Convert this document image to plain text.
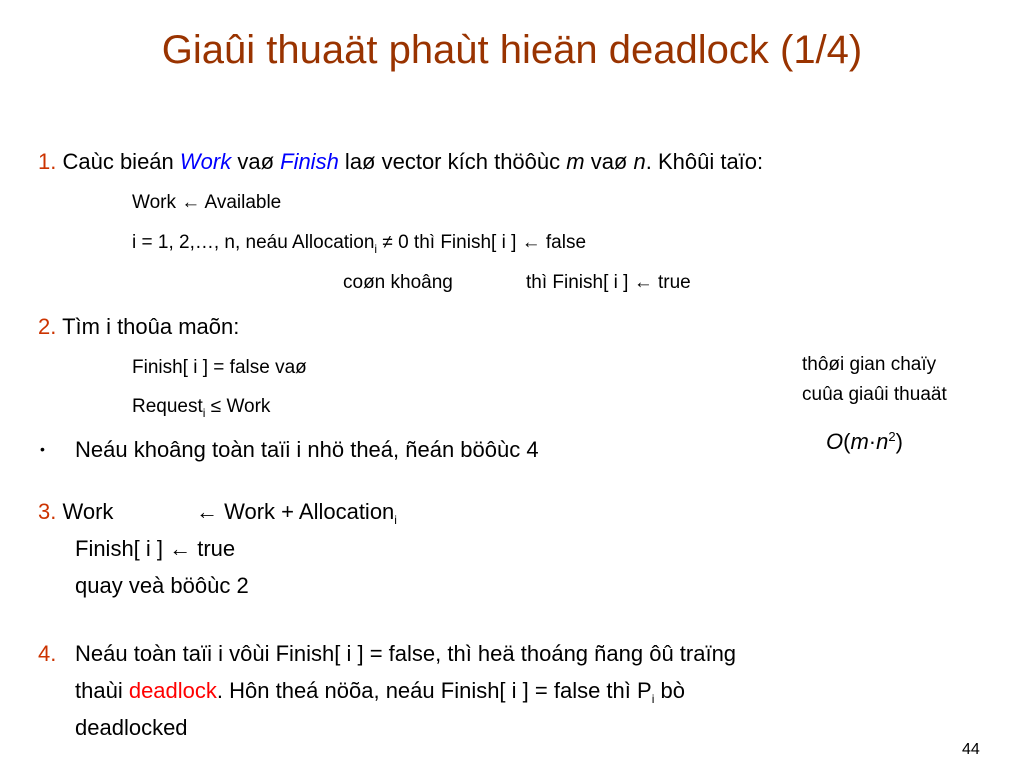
Giaûi thuaät phaùt hieän deadlock (1/4)
1. Caùc bieán Work vaø Finish laø vector kích thöôùc m vaø n. Khôûi taïo:
Work ← Available
i = 1, 2,…, n, neáu Allocation$_i$ ≠ 0 thì Finish[ i ] ← false
coøn khoâng	thì Finish[ i ] ← true
2. Tìm i thoûa maõn:
Finish[ i ] = false vaø
Request$_i$ ≤ Work
• Neáu khoâng toàn taïi i nhö theá, ñeán böôùc 4
thôøi gian chaïy
cuûa giaûi thuaät
$O(m\cdot n^2)$
3. Work	← Work + Allocation$_i$
Finish[ i ] ← true
quay veà böôùc 2
4. Neáu toàn taïi i vôùi Finish[ i ] = false, thì heä thoáng ñang ôû traïng
thaùi deadlock. Hôn theá nöõa, neáu Finish[ i ] = false thì $P_i$ bò
deadlocked
44
